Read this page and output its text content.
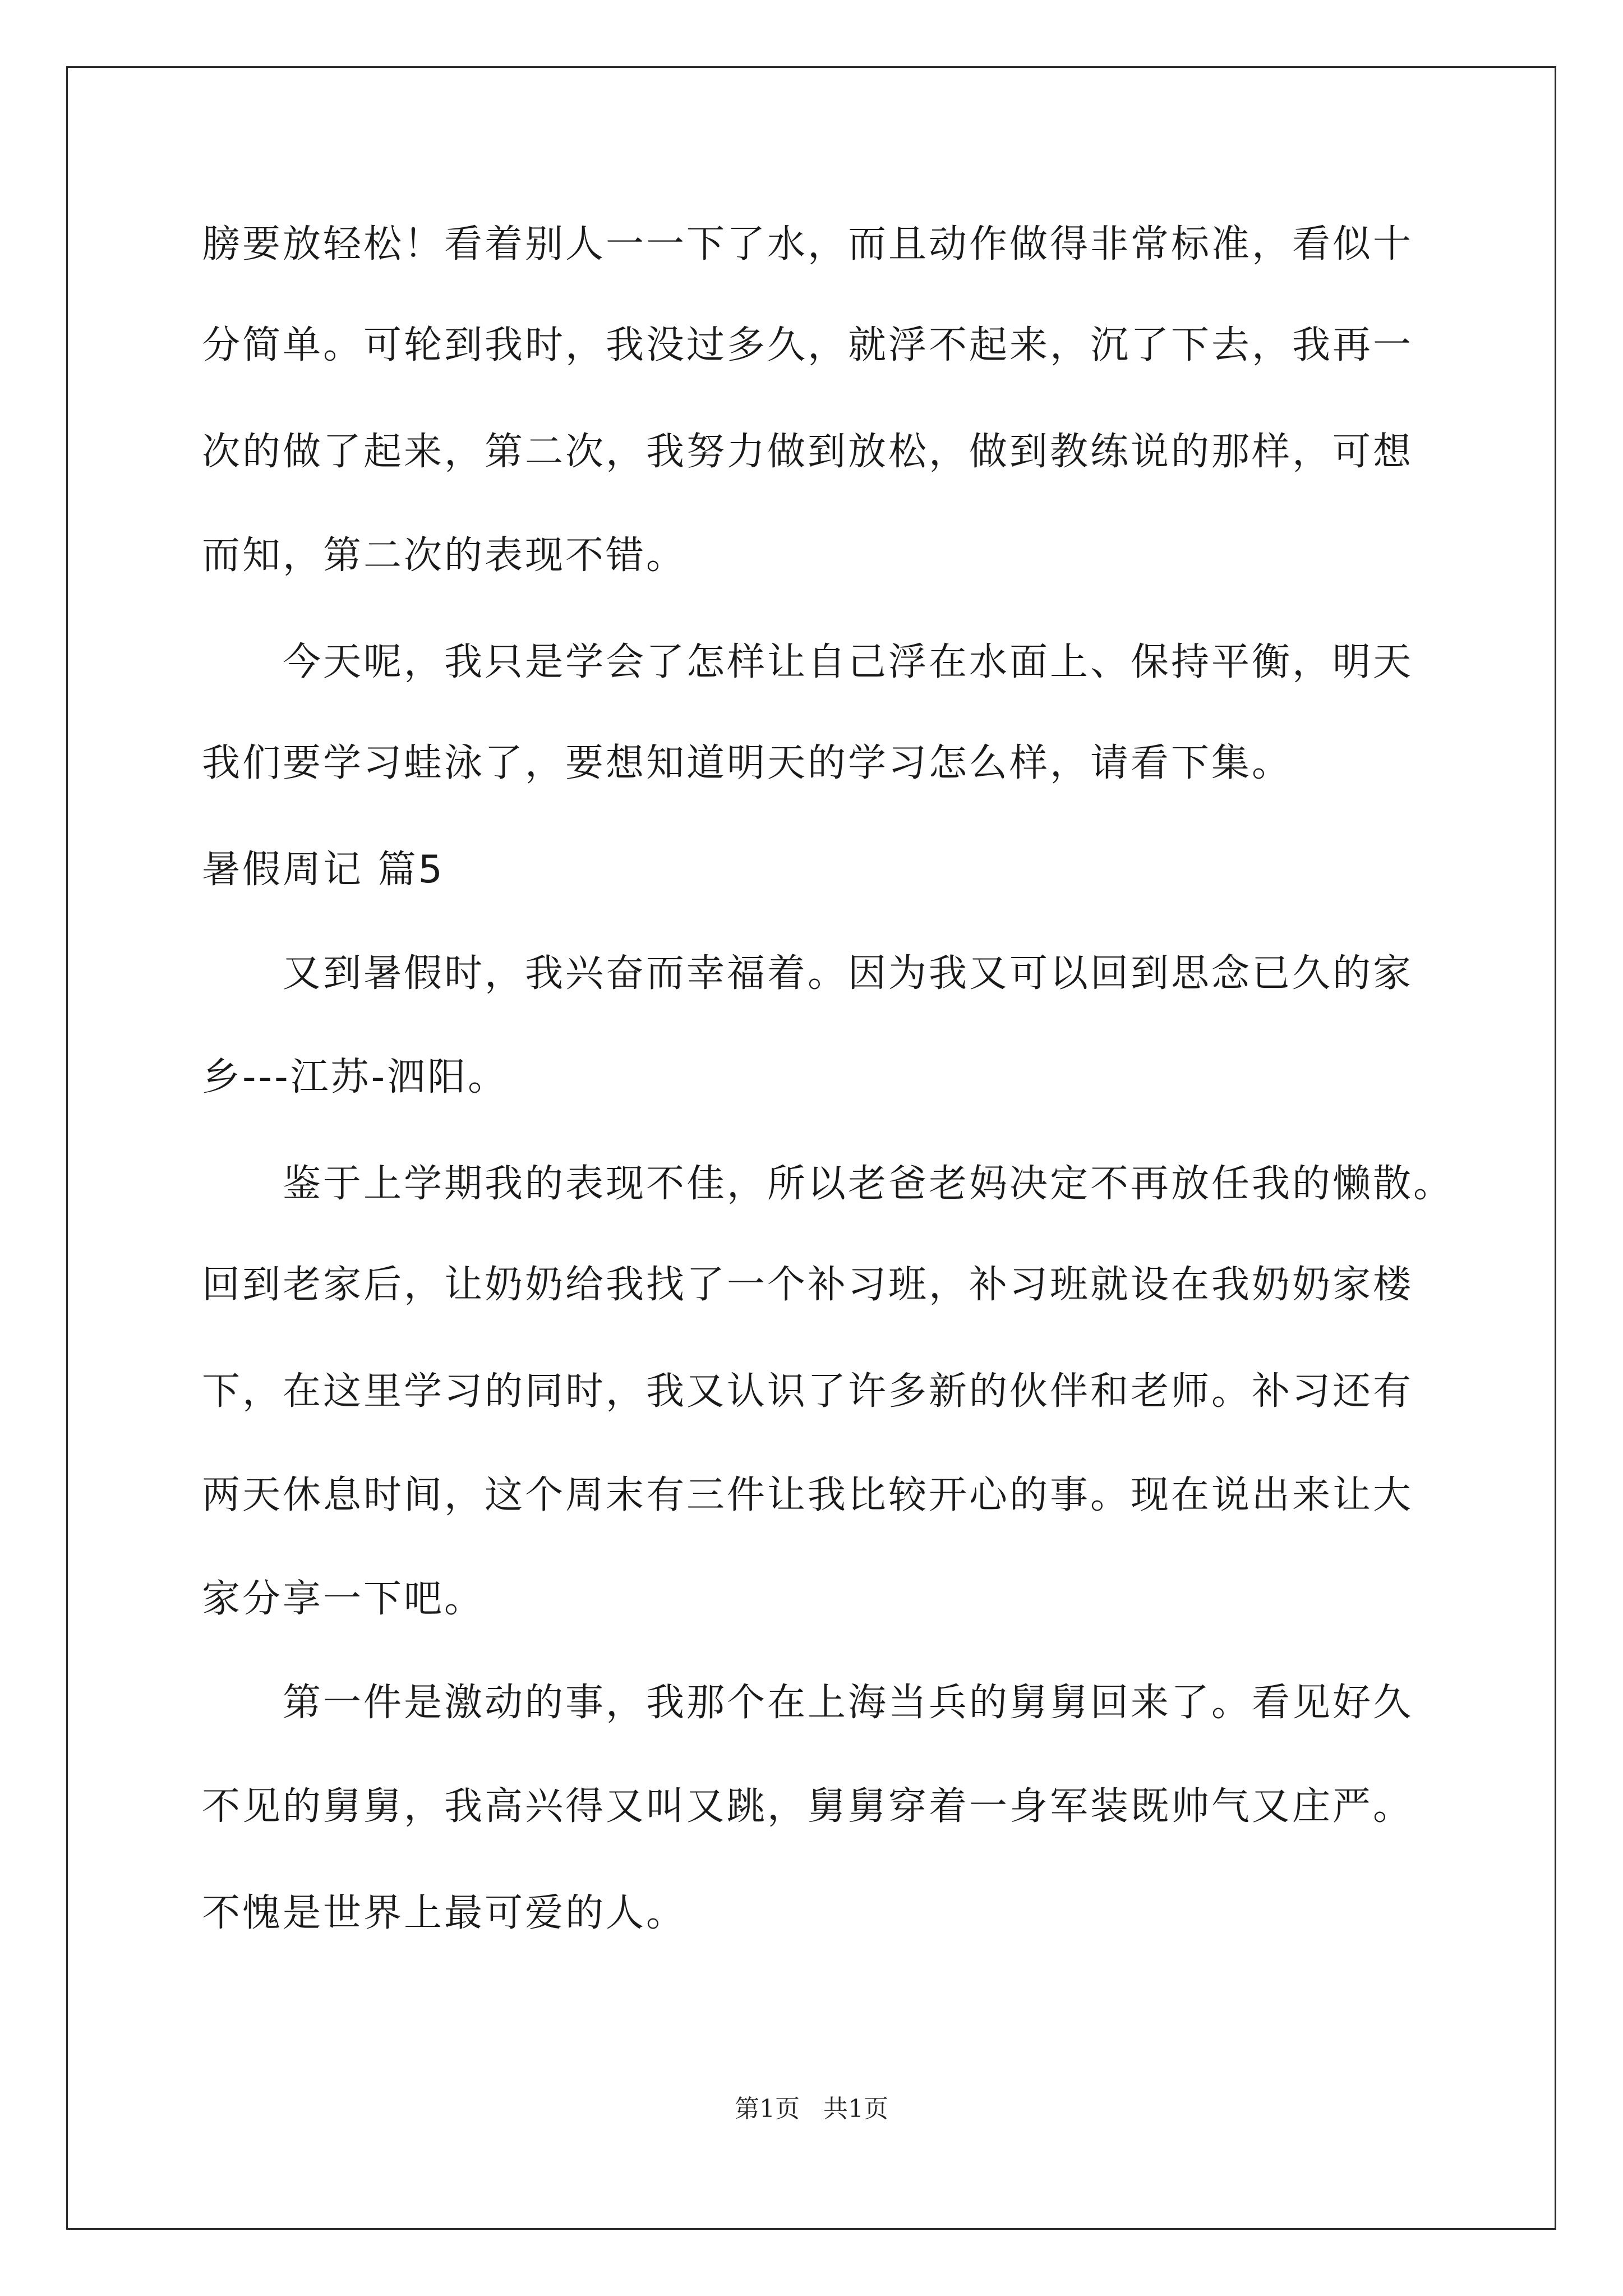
膀要放轻松！看着别人一一下了水，而且动作做得非常标准，看似十
分简单。可轮到我时，我没过多久，就浮不起来，沉了下去，我再一
次的做了起来，第二次，我努力做到放松，做到教练说的那样，可想
而知，第二次的表现不错。
　　今天呢，我只是学会了怎样让自己浮在水面上、保持平衡，明天
我们要学习蛙泳了，要想知道明天的学习怎么样，请看下集。
暑假周记 篇5
　　又到暑假时，我兴奋而幸福着。因为我又可以回到思念已久的家
乡---江苏-泗阳。
　　鉴于上学期我的表现不佳，所以老爸老妈决定不再放任我的懒散。
回到老家后，让奶奶给我找了一个补习班，补习班就设在我奶奶家楼
下，在这里学习的同时，我又认识了许多新的伙伴和老师。补习还有
两天休息时间，这个周末有三件让我比较开心的事。现在说出来让大
家分享一下吧。
　　第一件是激动的事，我那个在上海当兵的舅舅回来了。看见好久
不见的舅舅，我高兴得又叫又跳，舅舅穿着一身军装既帅气又庄严。
不愧是世界上最可爱的人。
第1页 共1页
